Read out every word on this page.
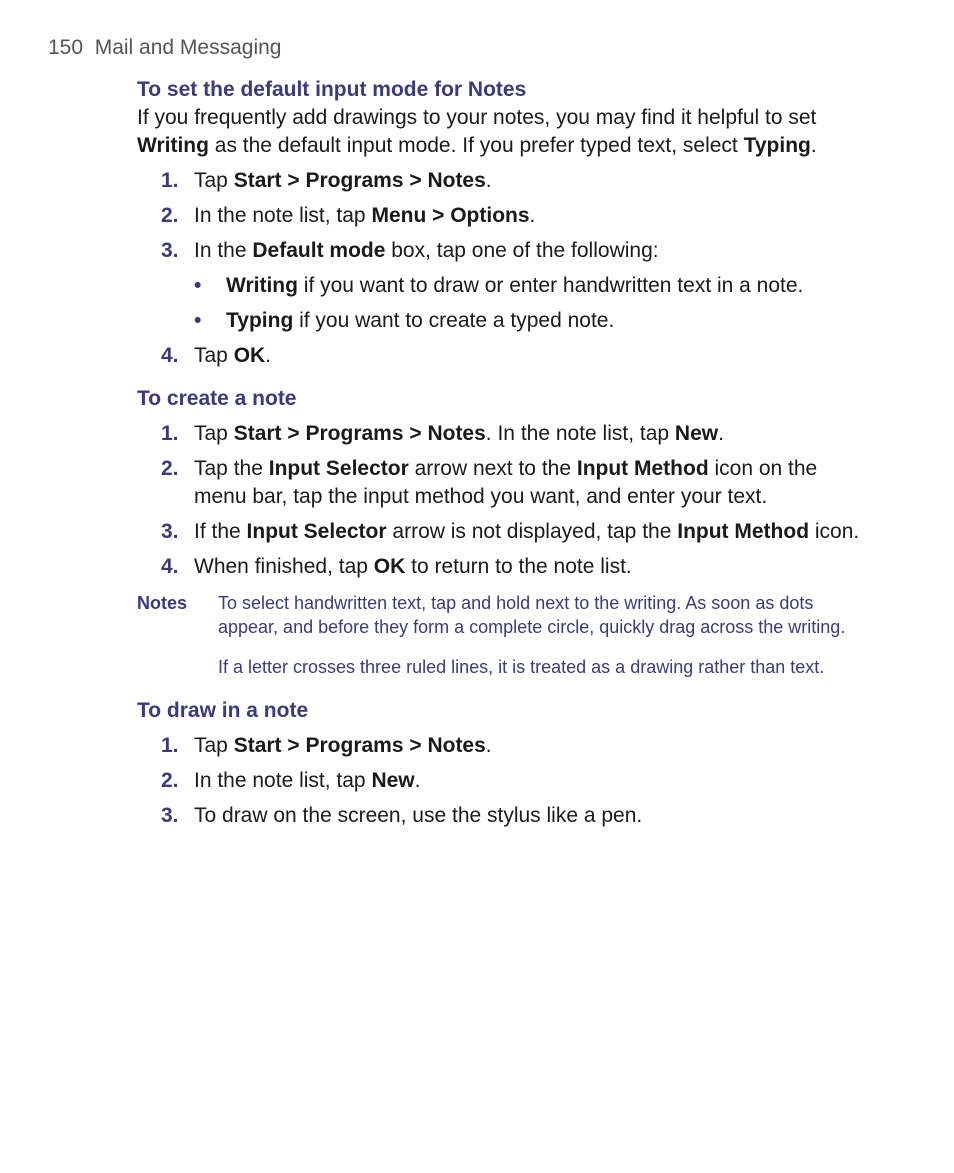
150 Mail and Messaging
To set the default input mode for Notes
If you frequently add drawings to your notes, you may find it helpful to set Writing as the default input mode. If you prefer typed text, select Typing.
1. Tap Start > Programs > Notes.
2. In the note list, tap Menu > Options.
3. In the Default mode box, tap one of the following:
• Writing if you want to draw or enter handwritten text in a note.
• Typing if you want to create a typed note.
4. Tap OK.
To create a note
1. Tap Start > Programs > Notes. In the note list, tap New.
2. Tap the Input Selector arrow next to the Input Method icon on the menu bar, tap the input method you want, and enter your text.
3. If the Input Selector arrow is not displayed, tap the Input Method icon.
4. When finished, tap OK to return to the note list.
Notes To select handwritten text, tap and hold next to the writing. As soon as dots appear, and before they form a complete circle, quickly drag across the writing.
If a letter crosses three ruled lines, it is treated as a drawing rather than text.
To draw in a note
1. Tap Start > Programs > Notes.
2. In the note list, tap New.
3. To draw on the screen, use the stylus like a pen.
